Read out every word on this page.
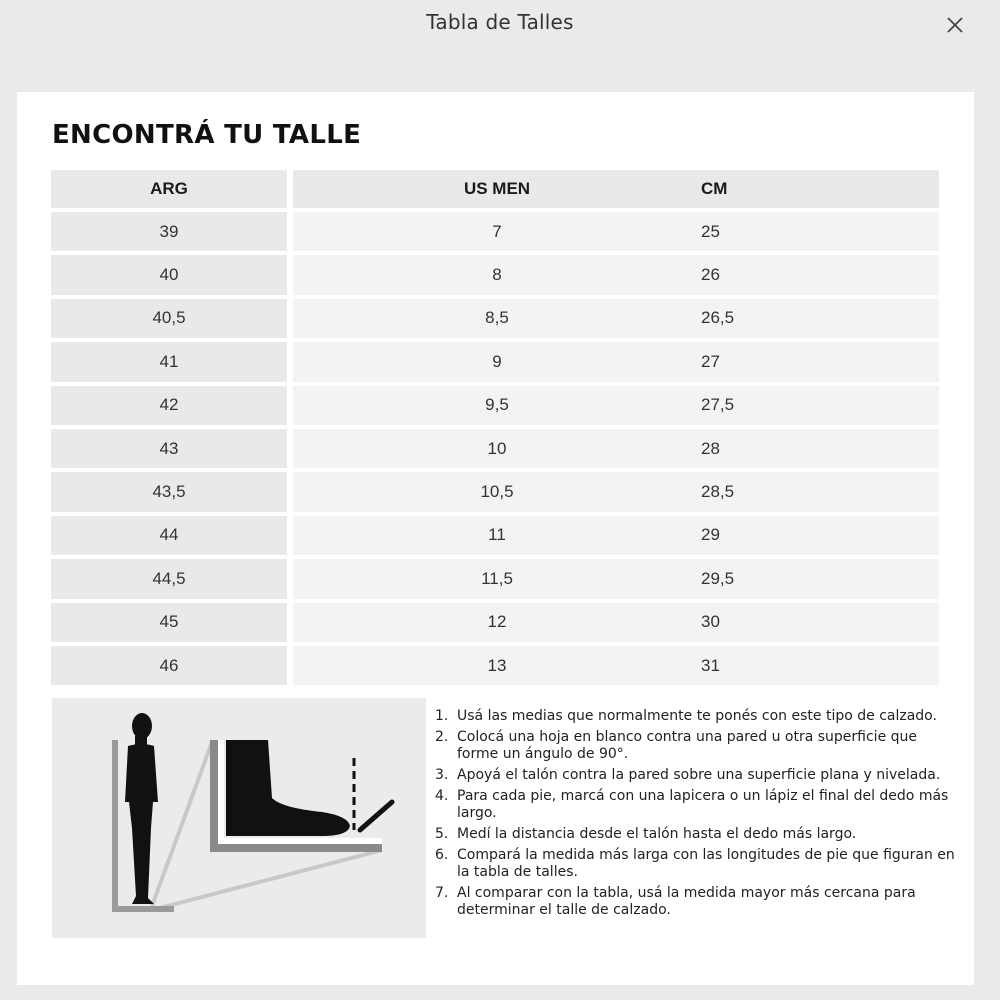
Tabla de Talles
ENCONTRÁ TU TALLE
ARG		US MEN	CM
39		7	25
40		8	26
40,5		8,5	26,5
41		9	27
42		9,5	27,5
43		10	28
43,5		10,5	28,5
44		11	29
44,5		11,5	29,5
45		12	30
46		13	31
1. Usá las medias que normalmente te ponés con este tipo de calzado.
2. Colocá una hoja en blanco contra una pared u otra superficie que forme un ángulo de 90°.
3. Apoyá el talón contra la pared sobre una superficie plana y nivelada.
4. Para cada pie, marcá con una lapicera o un lápiz el final del dedo más largo.
5. Medí la distancia desde el talón hasta el dedo más largo.
6. Compará la medida más larga con las longitudes de pie que figuran en la tabla de talles.
7. Al comparar con la tabla, usá la medida mayor más cercana para determinar el talle de calzado.
